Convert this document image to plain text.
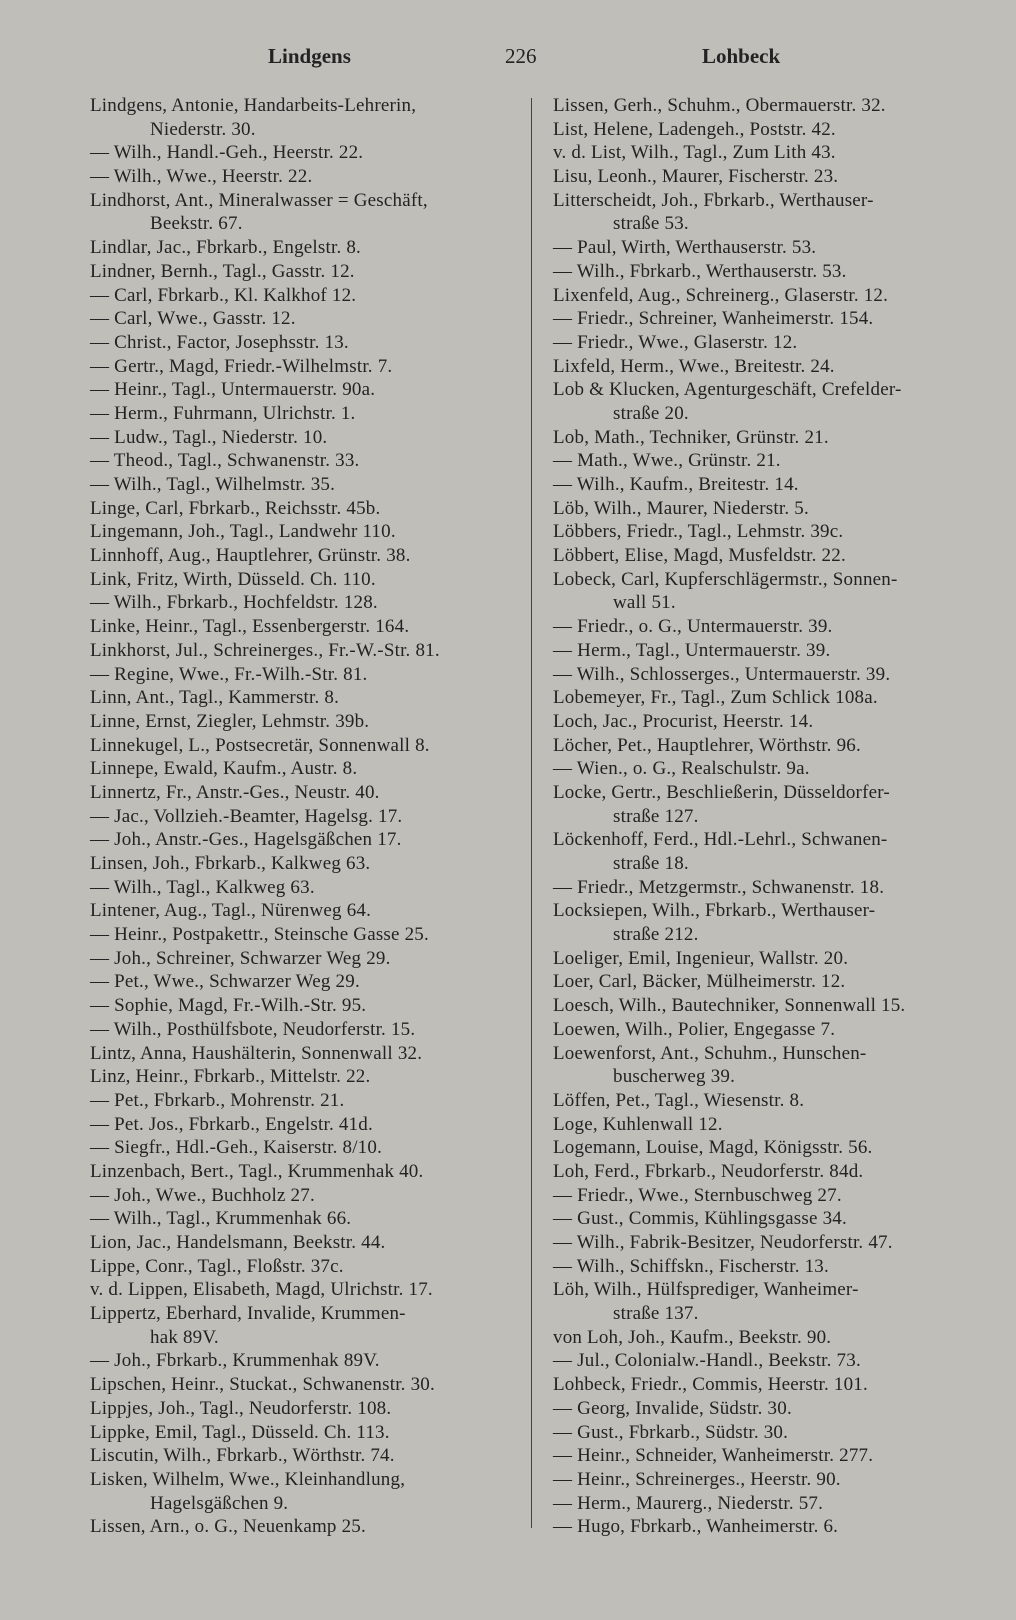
Lindgens	226	Lohbeck
Lindgens, Antonie, Handarbeits-Lehrerin,
Niederstr. 30.
— Wilh., Handl.-Geh., Heerstr. 22.
— Wilh., Wwe., Heerstr. 22.
Lindhorst, Ant., Mineralwasser = Geschäft,
Beekstr. 67.
Lindlar, Jac., Fbrkarb., Engelstr. 8.
Lindner, Bernh., Tagl., Gasstr. 12.
— Carl, Fbrkarb., Kl. Kalkhof 12.
— Carl, Wwe., Gasstr. 12.
— Christ., Factor, Josephsstr. 13.
— Gertr., Magd, Friedr.-Wilhelmstr. 7.
— Heinr., Tagl., Untermauerstr. 90a.
— Herm., Fuhrmann, Ulrichstr. 1.
— Ludw., Tagl., Niederstr. 10.
— Theod., Tagl., Schwanenstr. 33.
— Wilh., Tagl., Wilhelmstr. 35.
Linge, Carl, Fbrkarb., Reichsstr. 45b.
Lingemann, Joh., Tagl., Landwehr 110.
Linnhoff, Aug., Hauptlehrer, Grünstr. 38.
Link, Fritz, Wirth, Düsseld. Ch. 110.
— Wilh., Fbrkarb., Hochfeldstr. 128.
Linke, Heinr., Tagl., Essenbergerstr. 164.
Linkhorst, Jul., Schreinerges., Fr.-W.-Str. 81.
— Regine, Wwe., Fr.-Wilh.-Str. 81.
Linn, Ant., Tagl., Kammerstr. 8.
Linne, Ernst, Ziegler, Lehmstr. 39b.
Linnekugel, L., Postsecretär, Sonnenwall 8.
Linnepe, Ewald, Kaufm., Austr. 8.
Linnertz, Fr., Anstr.-Ges., Neustr. 40.
— Jac., Vollzieh.-Beamter, Hagelsg. 17.
— Joh., Anstr.-Ges., Hagelsgäßchen 17.
Linsen, Joh., Fbrkarb., Kalkweg 63.
— Wilh., Tagl., Kalkweg 63.
Lintener, Aug., Tagl., Nürenweg 64.
— Heinr., Postpakettr., Steinsche Gasse 25.
— Joh., Schreiner, Schwarzer Weg 29.
— Pet., Wwe., Schwarzer Weg 29.
— Sophie, Magd, Fr.-Wilh.-Str. 95.
— Wilh., Posthülfsbote, Neudorferstr. 15.
Lintz, Anna, Haushälterin, Sonnenwall 32.
Linz, Heinr., Fbrkarb., Mittelstr. 22.
— Pet., Fbrkarb., Mohrenstr. 21.
— Pet. Jos., Fbrkarb., Engelstr. 41d.
— Siegfr., Hdl.-Geh., Kaiserstr. 8/10.
Linzenbach, Bert., Tagl., Krummenhak 40.
— Joh., Wwe., Buchholz 27.
— Wilh., Tagl., Krummenhak 66.
Lion, Jac., Handelsmann, Beekstr. 44.
Lippe, Conr., Tagl., Floßstr. 37c.
v. d. Lippen, Elisabeth, Magd, Ulrichstr. 17.
Lippertz, Eberhard, Invalide, Krummen-
hak 89V.
— Joh., Fbrkarb., Krummenhak 89V.
Lipschen, Heinr., Stuckat., Schwanenstr. 30.
Lippjes, Joh., Tagl., Neudorferstr. 108.
Lippke, Emil, Tagl., Düsseld. Ch. 113.
Liscutin, Wilh., Fbrkarb., Wörthstr. 74.
Lisken, Wilhelm, Wwe., Kleinhandlung,
Hagelsgäßchen 9.
Lissen, Arn., o. G., Neuenkamp 25.
Lissen, Gerh., Schuhm., Obermauerstr. 32.
List, Helene, Ladengeh., Poststr. 42.
v. d. List, Wilh., Tagl., Zum Lith 43.
Lisu, Leonh., Maurer, Fischerstr. 23.
Litterscheidt, Joh., Fbrkarb., Werthauser-
straße 53.
— Paul, Wirth, Werthauserstr. 53.
— Wilh., Fbrkarb., Werthauserstr. 53.
Lixenfeld, Aug., Schreinerg., Glaserstr. 12.
— Friedr., Schreiner, Wanheimerstr. 154.
— Friedr., Wwe., Glaserstr. 12.
Lixfeld, Herm., Wwe., Breitestr. 24.
Lob & Klucken, Agenturgeschäft, Crefelder-
straße 20.
Lob, Math., Techniker, Grünstr. 21.
— Math., Wwe., Grünstr. 21.
— Wilh., Kaufm., Breitestr. 14.
Löb, Wilh., Maurer, Niederstr. 5.
Löbbers, Friedr., Tagl., Lehmstr. 39c.
Löbbert, Elise, Magd, Musfeldstr. 22.
Lobeck, Carl, Kupferschlägermstr., Sonnen-
wall 51.
— Friedr., o. G., Untermauerstr. 39.
— Herm., Tagl., Untermauerstr. 39.
— Wilh., Schlosserges., Untermauerstr. 39.
Lobemeyer, Fr., Tagl., Zum Schlick 108a.
Loch, Jac., Procurist, Heerstr. 14.
Löcher, Pet., Hauptlehrer, Wörthstr. 96.
— Wien., o. G., Realschulstr. 9a.
Locke, Gertr., Beschließerin, Düsseldorfer-
straße 127.
Löckenhoff, Ferd., Hdl.-Lehrl., Schwanen-
straße 18.
— Friedr., Metzgermstr., Schwanenstr. 18.
Locksiepen, Wilh., Fbrkarb., Werthauser-
straße 212.
Loeliger, Emil, Ingenieur, Wallstr. 20.
Loer, Carl, Bäcker, Mülheimerstr. 12.
Loesch, Wilh., Bautechniker, Sonnenwall 15.
Loewen, Wilh., Polier, Engegasse 7.
Loewenforst, Ant., Schuhm., Hunschen-
buscherweg 39.
Löffen, Pet., Tagl., Wiesenstr. 8.
Loge, Kuhlenwall 12.
Logemann, Louise, Magd, Königsstr. 56.
Loh, Ferd., Fbrkarb., Neudorferstr. 84d.
— Friedr., Wwe., Sternbuschweg 27.
— Gust., Commis, Kühlingsgasse 34.
— Wilh., Fabrik-Besitzer, Neudorferstr. 47.
— Wilh., Schiffskn., Fischerstr. 13.
Löh, Wilh., Hülfsprediger, Wanheimer-
straße 137.
von Loh, Joh., Kaufm., Beekstr. 90.
— Jul., Colonialw.-Handl., Beekstr. 73.
Lohbeck, Friedr., Commis, Heerstr. 101.
— Georg, Invalide, Südstr. 30.
— Gust., Fbrkarb., Südstr. 30.
— Heinr., Schneider, Wanheimerstr. 277.
— Heinr., Schreinerges., Heerstr. 90.
— Herm., Maurerg., Niederstr. 57.
— Hugo, Fbrkarb., Wanheimerstr. 6.
